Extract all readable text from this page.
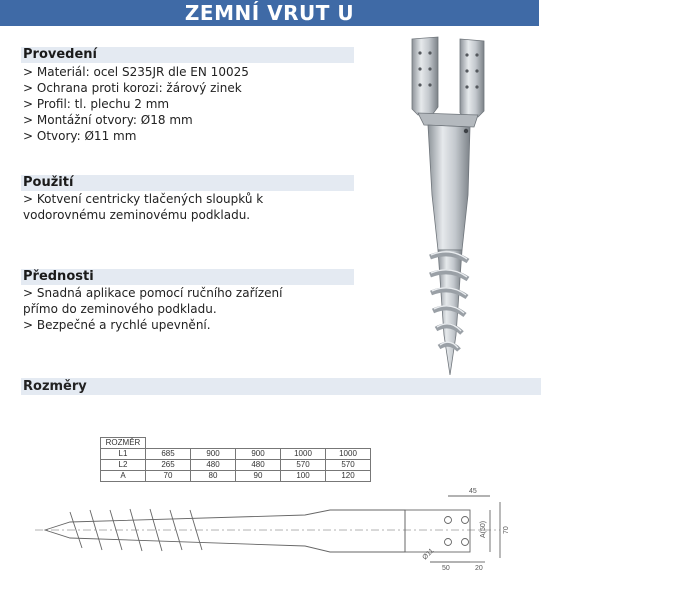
ZEMNÍ VRUT U
Provedení
> Materiál: ocel S235JR dle EN 10025
> Ochrana proti korozi: žárový zinek
> Profil: tl. plechu 2 mm
> Montážní otvory: Ø18 mm
> Otvory: Ø11 mm
Použití
> Kotvení centricky tlačených sloupků k
vodorovnému zeminovému podkladu.
Přednosti
> Snadná aplikace pomocí ručního zařízení
přímo do zeminového podkladu.
> Bezpečné a rychlé upevnění.
Rozměry
ROZMĚR					
L1	685	900	900	1000	1000
L2	265	480	480	570	570
A	70	80	90	100	120
45
50	20
A(50) 70
Ø11
